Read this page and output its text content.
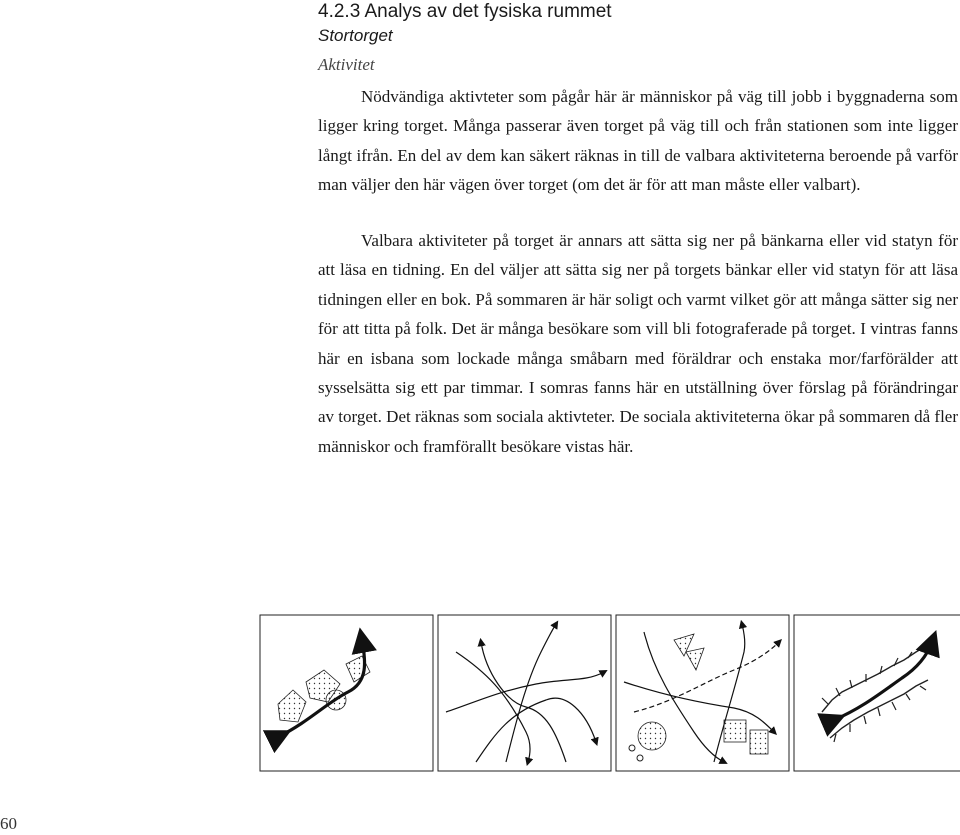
4.2.3 Analys av det fysiska rummet
Stortorget
Aktivitet

Nödvändiga aktivteter som pågår här är människor på väg till jobb i byggnaderna som ligger kring torget. Många passerar även torget på väg till och från stationen som inte ligger långt ifrån. En del av dem kan säkert räknas in till de valbara aktiviteterna beroende på varför man väljer den här vägen över torget (om det är för att man måste eller valbart).

Valbara aktiviteter på torget är annars att sätta sig ner på bänkarna eller vid statyn för att läsa en tidning. En del väljer att sätta sig ner på torgets bänkar eller vid statyn för att läsa tidningen eller en bok. På sommaren är här soligt och varmt vilket gör att många sätter sig ner för att titta på folk. Det är många besökare som vill bli fotograferade på torget. I vintras fanns här en isbana som lockade många småbarn med föräldrar och enstaka mor/farförälder att sysselsätta sig ett par timmar. I somras fanns här en utställning över förslag på förändringar av torget. Det räknas som sociala aktivteter. De sociala aktiviteterna ökar på sommaren då fler människor och framförallt besökare vistas här.

60
